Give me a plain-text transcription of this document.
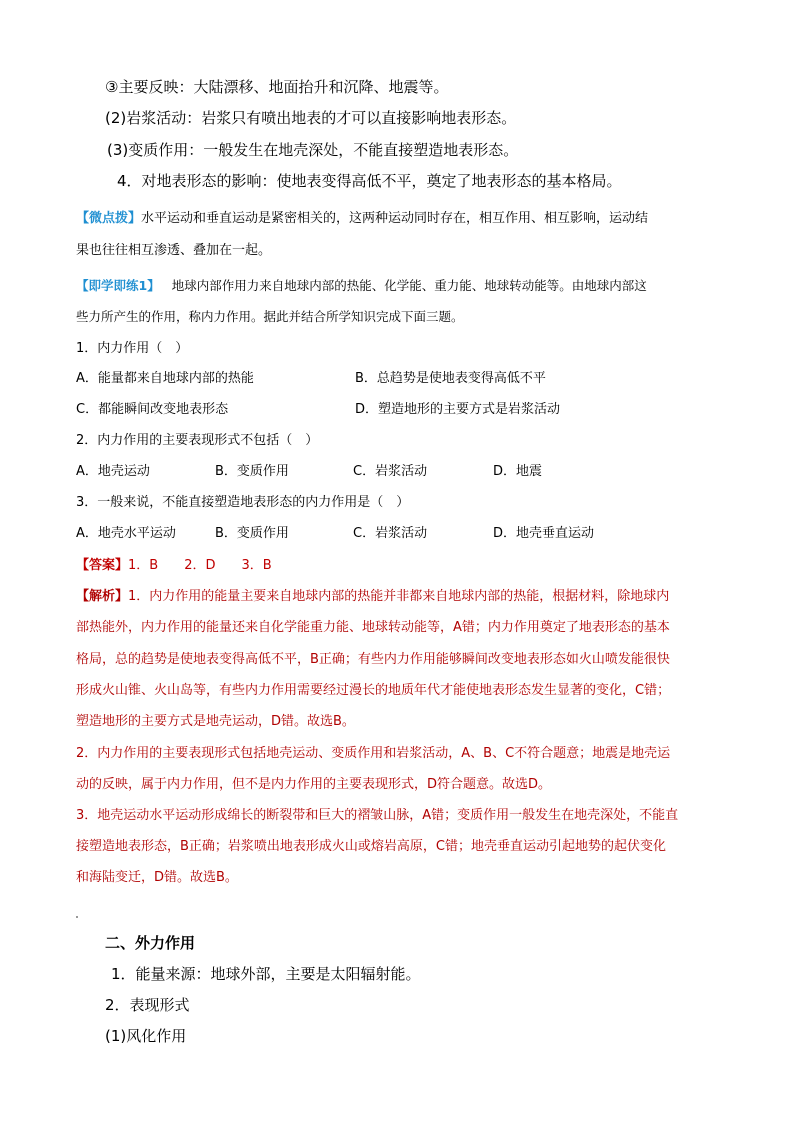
③主要反映：大陆漂移、地面抬升和沉降、地震等。
(2)岩浆活动：岩浆只有喷出地表的才可以直接影响地表形态。
(3)变质作用：一般发生在地壳深处，不能直接塑造地表形态。
4．对地表形态的影响：使地表变得高低不平，奠定了地表形态的基本格局。
【微点拨】水平运动和垂直运动是紧密相关的，这两种运动同时存在，相互作用、相互影响，运动结
果也往往相互渗透、叠加在一起。
【即学即练1】 地球内部作用力来自地球内部的热能、化学能、重力能、地球转动能等。由地球内部这
些力所产生的作用，称内力作用。据此并结合所学知识完成下面三题。
1．内力作用（　）
A．能量都来自地球内部的热能	B．总趋势是使地表变得高低不平
C．都能瞬间改变地表形态	D．塑造地形的主要方式是岩浆活动
2．内力作用的主要表现形式不包括（　）
A．地壳运动	B．变质作用	C．岩浆活动	D．地震
3．一般来说，不能直接塑造地表形态的内力作用是（　）
A．地壳水平运动	B．变质作用	C．岩浆活动	D．地壳垂直运动
【答案】1．B　　2．D　　3．B
【解析】1．内力作用的能量主要来自地球内部的热能并非都来自地球内部的热能，根据材料，除地球内
部热能外，内力作用的能量还来自化学能重力能、地球转动能等，A错；内力作用奠定了地表形态的基本
格局，总的趋势是使地表变得高低不平，B正确；有些内力作用能够瞬间改变地表形态如火山喷发能很快
形成火山锥、火山岛等，有些内力作用需要经过漫长的地质年代才能使地表形态发生显著的变化，C错；
塑造地形的主要方式是地壳运动，D错。故选B。
2．内力作用的主要表现形式包括地壳运动、变质作用和岩浆活动，A、B、C不符合题意；地震是地壳运
动的反映，属于内力作用，但不是内力作用的主要表现形式，D符合题意。故选D。
3．地壳运动水平运动形成绵长的断裂带和巨大的褶皱山脉，A错；变质作用一般发生在地壳深处，不能直
接塑造地表形态，B正确；岩浆喷出地表形成火山或熔岩高原，C错；地壳垂直运动引起地势的起伏变化
和海陆变迁，D错。故选B。
二、外力作用
1．能量来源：地球外部，主要是太阳辐射能。
2．表现形式
(1)风化作用
